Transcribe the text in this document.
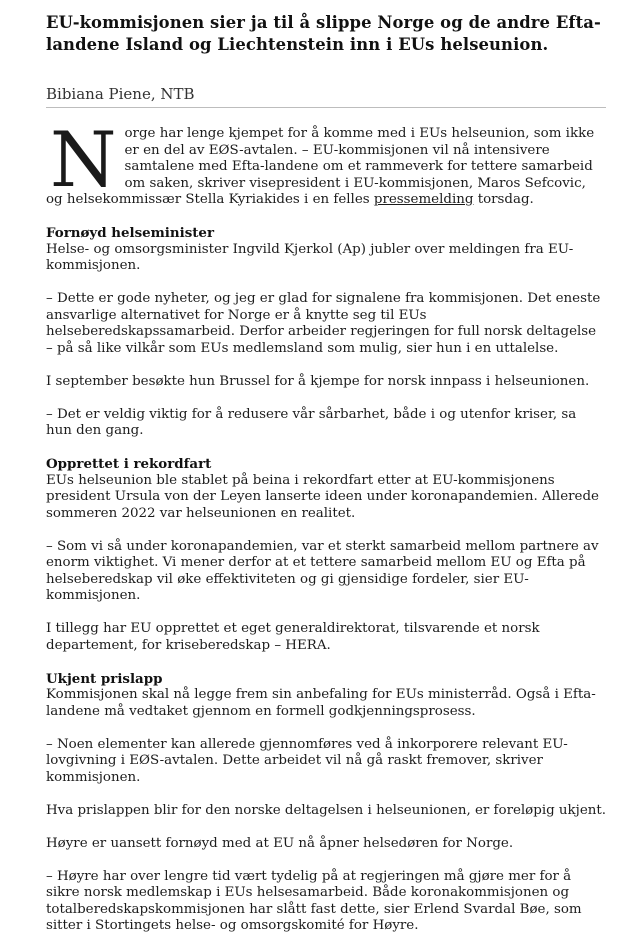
EU-kommisjonen sier ja til å slippe Norge og de andre Efta-landene Island og Liechtenstein inn i EUs helseunion.
Bibiana Piene, NTB

Norge har lenge kjempet for å komme med i EUs helseunion, som ikke er en del av EØS-avtalen. – EU-kommisjonen vil nå intensivere samtalene med Efta-landene om et rammeverk for tettere samarbeid om saken, skriver visepresident i EU-kommisjonen, Maros Sefcovic, og helsekommissær Stella Kyriakides i en felles pressemelding torsdag.

Fornøyd helseminister

Helse- og omsorgsminister Ingvild Kjerkol (Ap) jubler over meldingen fra EU-kommisjonen.

– Dette er gode nyheter, og jeg er glad for signalene fra kommisjonen. Det eneste ansvarlige alternativet for Norge er å knytte seg til EUs helseberedskapssamarbeid. Derfor arbeider regjeringen for full norsk deltagelse – på så like vilkår som EUs medlemsland som mulig, sier hun i en uttalelse.

I september besøkte hun Brussel for å kjempe for norsk innpass i helseunionen.

– Det er veldig viktig for å redusere vår sårbarhet, både i og utenfor kriser, sa hun den gang.

Opprettet i rekordfart

EUs helseunion ble stablet på beina i rekordfart etter at EU-kommisjonens president Ursula von der Leyen lanserte ideen under koronapandemien. Allerede sommeren 2022 var helseunionen en realitet.

– Som vi så under koronapandemien, var et sterkt samarbeid mellom partnere av enorm viktighet. Vi mener derfor at et tettere samarbeid mellom EU og Efta på helseberedskap vil øke effektiviteten og gi gjensidige fordeler, sier EU-kommisjonen.

I tillegg har EU opprettet et eget generaldirektorat, tilsvarende et norsk departement, for kriseberedskap – HERA.

Ukjent prislapp

Kommisjonen skal nå legge frem sin anbefaling for EUs ministerråd. Også i Efta-landene må vedtaket gjennom en formell godkjenningsprosess.

– Noen elementer kan allerede gjennomføres ved å inkorporere relevant EU-lovgivning i EØS-avtalen. Dette arbeidet vil nå gå raskt fremover, skriver kommisjonen.

Hva prislappen blir for den norske deltagelsen i helseunionen, er foreløpig ukjent.

Høyre er uansett fornøyd med at EU nå åpner helsedøren for Norge.

– Høyre har over lengre tid vært tydelig på at regjeringen må gjøre mer for å sikre norsk medlemskap i EUs helsesamarbeid. Både koronakommisjonen og totalberedskapskommisjonen har slått fast dette, sier Erlend Svardal Bøe, som sitter i Stortingets helse- og omsorgskomité for Høyre.
